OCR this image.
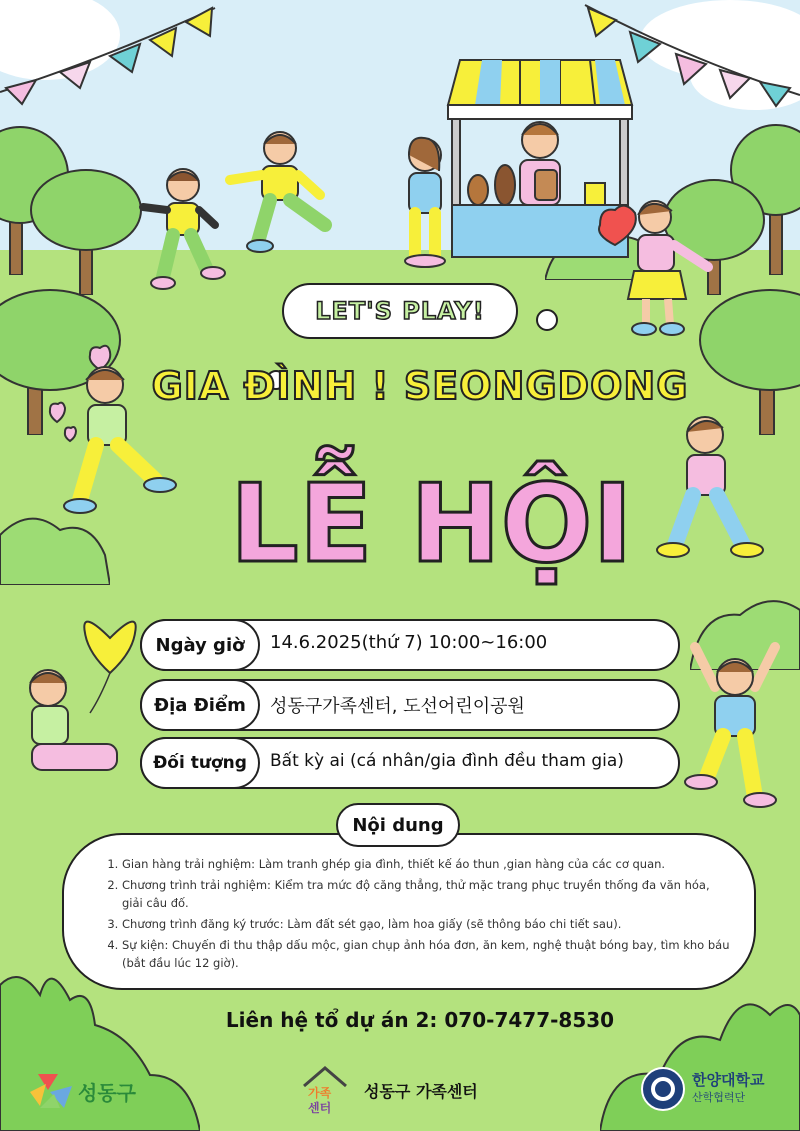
LET'S PLAY!
GIA ĐÌNH ! SEONGDONG
LỄ HỘI
Ngày giờ 14.6.2025(thứ 7) 10:00~16:00
Địa Điểm 성동구가족센터, 도선어린이공원
Đối tượng Bất kỳ ai (cá nhân/gia đình đều tham gia)
Nội dung
1. Gian hàng trải nghiệm: Làm tranh ghép gia đình, thiết kế áo thun ,gian hàng của các cơ quan.
2. Chương trình trải nghiệm: Kiểm tra mức độ căng thẳng, thử mặc trang phục truyền thống đa văn hóa, giải câu đố.
3. Chương trình đăng ký trước: Làm đất sét gạo, làm hoa giấy (sẽ thông báo chi tiết sau).
4. Sự kiện: Chuyến đi thu thập dấu mộc, gian chụp ảnh hóa đơn, ăn kem, nghệ thuật bóng bay, tìm kho báu (bắt đầu lúc 12 giờ).
Liên hệ tổ dự án 2: 070-7477-8530
성동구	가족
센터
성동구 가족센터
한양대학교
산학협력단
